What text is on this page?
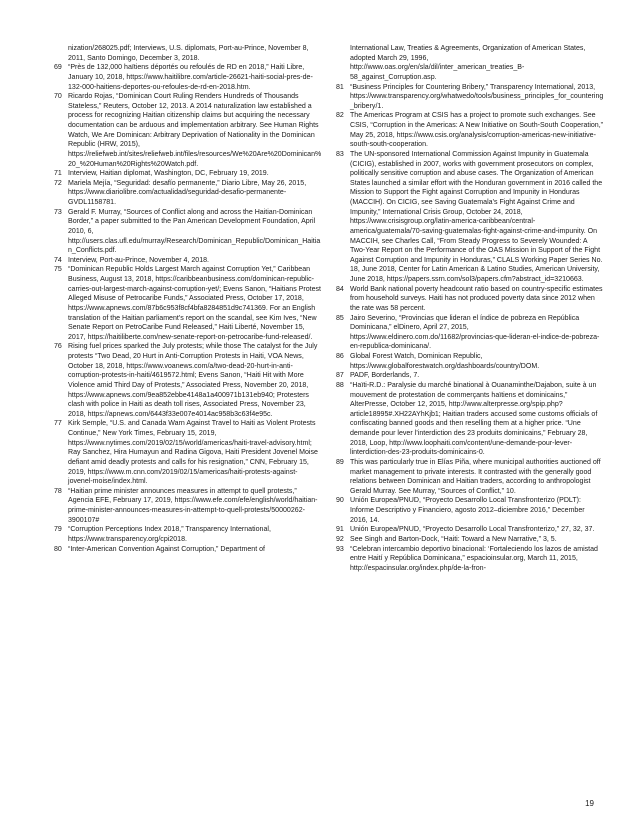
nization/268025.pdf; Interviews, U.S. diplomats, Port-au-Prince, November 8, 2011, Santo Domingo, December 3, 2018.

69 “Près de 132,000 haïtiens déportés ou refoulés de RD en 2018,” Haiti Libre, January 10, 2018, https://www.haitilibre.com/article-26621-haiti-social-pres-de-132-000-haitiens-deportes-ou-refoules-de-rd-en-2018.htm.

70 Ricardo Rojas, “Dominican Court Ruling Renders Hundreds of Thousands Stateless,” Reuters, October 12, 2013. A 2014 naturalization law established a process for recognizing Haitian citizenship claims but acquiring the necessary documentation can be arduous and implementation arbitrary. See Human Rights Watch, We Are Dominican: Arbitrary Deprivation of Nationality in the Dominican Republic (HRW, 2015), https://reliefweb.int/sites/reliefweb.int/files/resources/We%20Are%20Dominican%20_%20Human%20Rights%20Watch.pdf.

71 Interview, Haitian diplomat, Washington, DC, February 19, 2019.

72 Mariela Mejía, “Seguridad: desafío permanente,” Diario Libre, May 26, 2015, https://www.diariolibre.com/actualidad/seguridad-desafio-permanente-GVDL1158781.

73 Gerald F. Murray, “Sources of Conflict along and across the Haitian-Dominican Border,” a paper submitted to the Pan American Development Foundation, April 2010, 6, http://users.clas.ufl.edu/murray/Research/Dominican_Republic/Dominican_Haitian_Conflicts.pdf.

74 Interview, Port-au-Prince, November 4, 2018.

75 “Dominican Republic Holds Largest March against Corruption Yet,” Caribbean Business, August 13, 2018, https://caribbeanbusiness.com/dominican-republic-carries-out-largest-march-against-corruption-yet/; Evens Sanon, “Haitians Protest Alleged Misuse of Petrocaribe Funds,” Associated Press, October 17, 2018, https://www.apnews.com/87b6c953f8cf4bfa8284851d9c741369. For an English translation of the Haitian parliament’s report on the scandal, see Kim Ives, “New Senate Report on PetroCaribe Fund Released,” Haiti Liberté, November 15, 2017, https://haitiliberte.com/new-senate-report-on-petrocaribe-fund-released/.

76 Rising fuel prices sparked the July protests; while those The catalyst for the July protests “Two Dead, 20 Hurt in Anti-Corruption Protests in Haiti, VOA News, October 18, 2018, https://www.voanews.com/a/two-dead-20-hurt-in-anti-corruption-protests-in-haiti/4619572.html; Evens Sanon, “Haiti Hit with More Violence amid Third Day of Protests,” Associated Press, November 20, 2018, https://www.apnews.com/9ea852ebbe4148a1a400971b131eb940; Protesters clash with police in Haiti as death toll rises, Associated Press, November 23, 2018, https://apnews.com/6443f33e007e4014ac958b3c63f4e95c.

77 Kirk Semple, “U.S. and Canada Warn Against Travel to Haiti as Violent Protests Continue,” New York Times, February 15, 2019, https://www.nytimes.com/2019/02/15/world/americas/haiti-travel-advisory.html; Ray Sanchez, Hira Humayun and Radina Gigova, Haiti President Jovenel Moise defiant amid deadly protests and calls for his resignation,” CNN, February 15, 2019, https://www.m.cnn.com/2019/02/15/americas/haiti-protests-against-jovenel-moise/index.html.

78 “Haitian prime minister announces measures in attempt to quell protests,” Agencia EFE, February 17, 2019, https://www.efe.com/efe/english/world/haitian-prime-minister-announces-measures-in-attempt-to-quell-protests/50000262-3900107#

79 “Corruption Perceptions Index 2018,” Transparency International, https://www.transparency.org/cpi2018.

80 “Inter-American Convention Against Corruption,” Department of

International Law, Treaties & Agreements, Organization of American States, adopted March 29, 1996, http://www.oas.org/en/sla/dil/inter_american_treaties_B-58_against_Corruption.asp.

81 “Business Principles for Countering Bribery,” Transparency International, 2013, https://www.transparency.org/whatwedo/tools/business_principles_for_countering_bribery/1.

82 The Americas Program at CSIS has a project to promote such exchanges. See CSIS, “Corruption in the Americas: A New Initiative on South-South Cooperation,” May 25, 2018, https://www.csis.org/analysis/corruption-americas-new-initiative-south-south-cooperation.

83 The UN-sponsored International Commission Against Impunity in Guatemala (CICIG), established in 2007, works with government prosecutors on complex, politically sensitive corruption and abuse cases. The Organization of American States launched a similar effort with the Honduran government in 2016 called the Mission to Support the Fight against Corruption and Impunity in Honduras (MACCIH). On CICIG, see Saving Guatemala’s Fight Against Crime and Impunity,” International Crisis Group, October 24, 2018, https://www.crisisgroup.org/latin-america-caribbean/central-america/guatemala/70-saving-guatemalas-fight-against-crime-and-impunity. On MACCIH, see Charles Call, “From Steady Progress to Severely Wounded: A Two-Year Report on the Performance of the OAS Mission in Support of the Fight Against Corruption and Impunity in Honduras,” CLALS Working Paper Series No. 18, June 2018, Center for Latin American & Latino Studies, American University, June 2018, https://papers.ssrn.com/sol3/papers.cfm?abstract_id=3210663.

84 World Bank national poverty headcount ratio based on country-specific estimates from household surveys. Haiti has not produced poverty data since 2012 when the rate was 58 percent.

85 Jairo Severino, “Provincias que lideran el índice de pobreza en República Dominicana,” elDinero, April 27, 2015, https://www.eldinero.com.do/11682/provincias-que-lideran-el-indice-de-pobreza-en-republica-dominicana/.

86 Global Forest Watch, Dominican Republic, https://www.globalforestwatch.org/dashboards/country/DOM.

87 PADF, Borderlands, 7.

88 “Haïti-R.D.: Paralysie du marché binational à Ouanaminthe/Dajabon, suite à un mouvement de protestation de commerçants haïtiens et dominicains,” AlterPresse, October 12, 2015, http://www.alterpresse.org/spip.php?article18995#.XH22AYhKjb1; Haitian traders accused some customs officials of confiscating banned goods and then reselling them at a higher price. “Une demande pour lever l’interdiction des 23 produits dominicains,” February 28, 2018, Loop, http://www.loophaiti.com/content/une-demande-pour-lever-linterdiction-des-23-produits-dominicains-0.

89 This was particularly true in Elías Piña, where municipal authorities auctioned off market management to private interests. It contrasted with the generally good relations between Dominican and Haitian traders, according to anthropologist Gerald Murray. See Murray, “Sources of Conflict,” 10.

90 Unión Europea/PNUD, “Proyecto Desarrollo Local Transfronterizo (PDLT): Informe Descriptivo y Financiero, agosto 2012–diciembre 2016,” December 2016, 14.

91 Unión Europea/PNUD, “Proyecto Desarrollo Local Transfronterizo,” 27, 32, 37.

92 See Singh and Barton-Dock, “Haiti: Toward a New Narrative,” 3, 5.

93 “Celebran intercambio deportivo binacional: ‘Fortaleciendo los lazos de amistad entre Haití y República Dominicana,” espacioinsular.org, March 11, 2015, http://espacinsular.org/index.php/de-la-fron-

19
